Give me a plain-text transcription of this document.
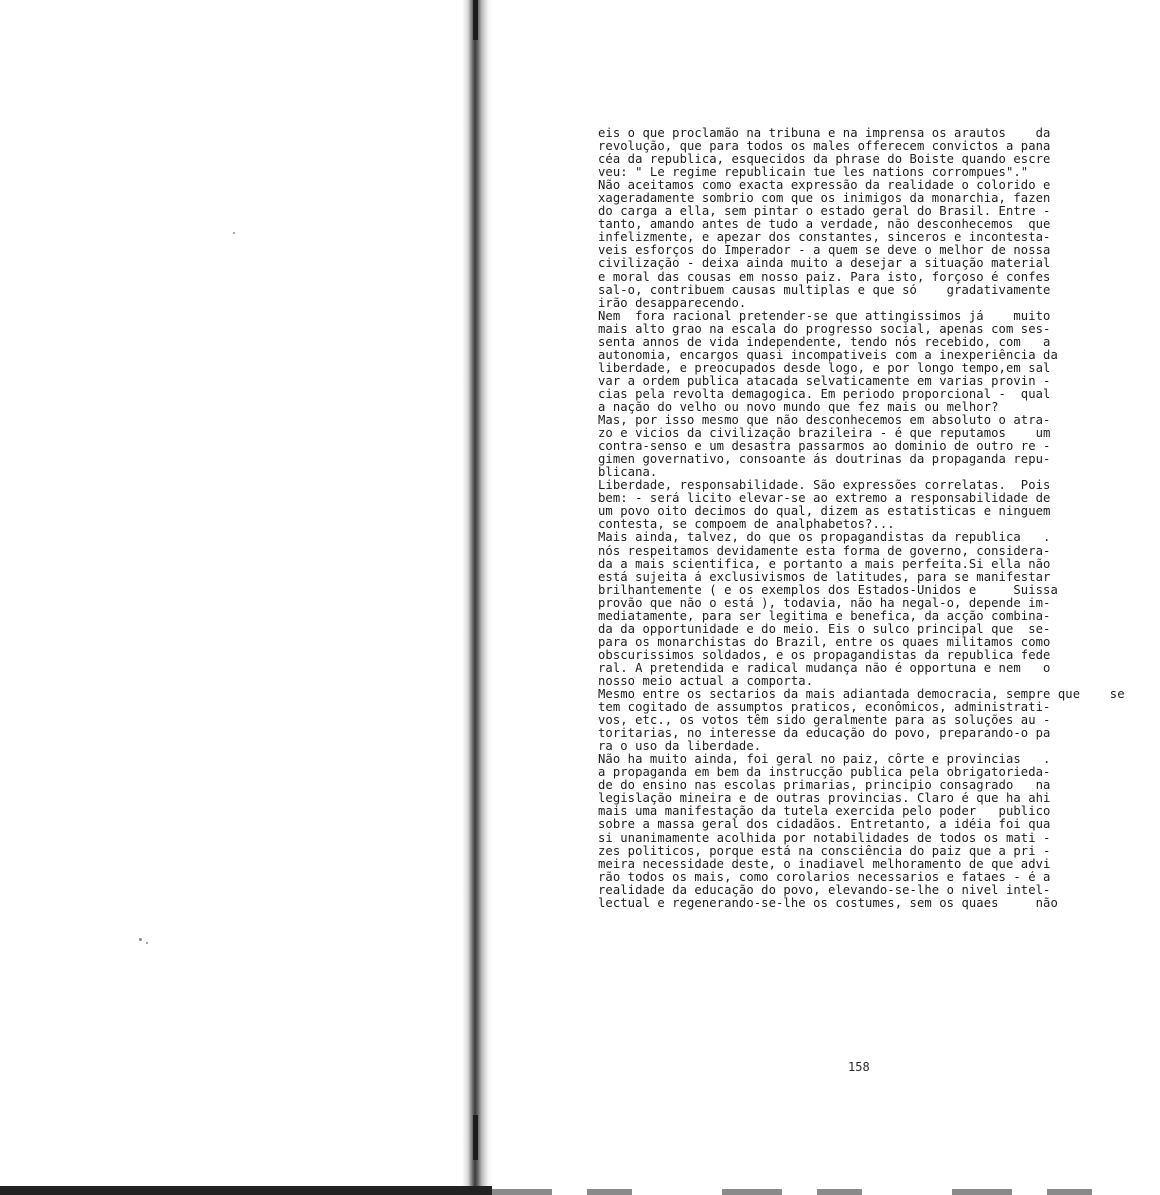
eis o que proclamão na tribuna e na imprensa os arautos    da
revolução, que para todos os males offerecem convictos a pana
céa da republica, esquecidos da phrase do Boiste quando escre
veu: " Le regime republicain tue les nations corrompues"."
Não aceitamos como exacta expressão da realidade o colorido e
xageradamente sombrio com que os inimigos da monarchia, fazen
do carga a ella, sem pintar o estado geral do Brasil. Entre -
tanto, amando antes de tudo a verdade, não desconhecemos  que
infelizmente, e apezar dos constantes, sinceros e incontesta-
veis esforços do Imperador - a quem se deve o melhor de nossa
civilização - deixa ainda muito a desejar a situação material
e moral das cousas em nosso paiz. Para isto, forçoso é confes
sal-o, contribuem causas multiplas e que só    gradativamente
irão desapparecendo.
Nem  fora racional pretender-se que attingissimos já    muito
mais alto grao na escala do progresso social, apenas com ses-
senta annos de vida independente, tendo nós recebido, com   a
autonomia, encargos quasi incompativeis com a inexperiência da
liberdade, e preocupados desde logo, e por longo tempo,em sal
var a ordem publica atacada selvaticamente em varias provin -
cias pela revolta demagogica. Em periodo proporcional -  qual
a nação do velho ou novo mundo que fez mais ou melhor?
Mas, por isso mesmo que não desconhecemos em absoluto o atra-
zo e vicios da civilização brazileira - é que reputamos    um
contra-senso e um desastra passarmos ao dominio de outro re -
gimen governativo, consoante ás doutrinas da propaganda repu-
blicana.
Liberdade, responsabilidade. São expressões correlatas.  Pois
bem: - será licito elevar-se ao extremo a responsabilidade de
um povo oito decimos do qual, dizem as estatisticas e ninguem
contesta, se compoem de analphabetos?...
Mais ainda, talvez, do que os propagandistas da republica   .
nós respeitamos devidamente esta forma de governo, considera-
da a mais scientifica, e portanto a mais perfeita.Si ella não
está sujeita á exclusivismos de latitudes, para se manifestar
brilhantemente ( e os exemplos dos Estados-Unidos e     Suissa
provão que não o está ), todavia, não ha negal-o, depende im-
mediatamente, para ser legitima e benefica, da acção combina-
da da opportunidade e do meio. Eis o sulco principal que  se-
para os monarchistas do Brazil, entre os quaes militamos como
obscurissimos soldados, e os propagandistas da republica fede
ral. A pretendida e radical mudança não é opportuna e nem   o
nosso meio actual a comporta.
Mesmo entre os sectarios da mais adiantada democracia, sempre que    se
tem cogitado de assumptos praticos, econômicos, administrati-
vos, etc., os votos têm sido geralmente para as soluções au -
toritarias, no interesse da educação do povo, preparando-o pa
ra o uso da liberdade.
Não ha muito ainda, foi geral no paiz, côrte e provincias   .
a propaganda em bem da instrucção publica pela obrigatorieda-
de do ensino nas escolas primarias, principio consagrado   na
legislação mineira e de outras provincias. Claro é que ha ahi
mais uma manifestação da tutela exercida pelo poder   publico
sobre a massa geral dos cidadãos. Entretanto, a idéia foi qua
si unanimamente acolhida por notabilidades de todos os mati -
zes politicos, porque está na consciência do paiz que a pri -
meira necessidade deste, o inadiavel melhoramento de que advi
rão todos os mais, como corolarios necessarios e fataes - é a
realidade da educação do povo, elevando-se-lhe o nivel intel-
lectual e regenerando-se-lhe os costumes, sem os quaes     não
158
